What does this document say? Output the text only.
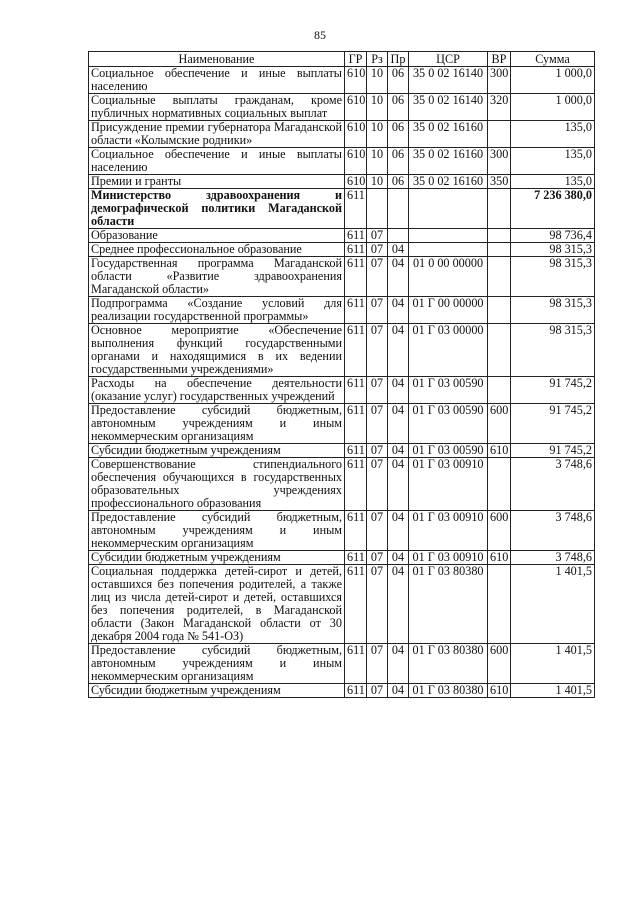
85
Наименование	ГР	Рз	Пр	ЦСР	ВР	Сумма
Социальное обеспечение и иные выплаты населению	610	10	06	35 0 02 16140	300	1 000,0
Социальные выплаты гражданам, кроме публичных нормативных социальных выплат	610	10	06	35 0 02 16140	320	1 000,0
Присуждение премии губернатора Магаданской области «Колымские родники»	610	10	06	35 0 02 16160		135,0
Социальное обеспечение и иные выплаты населению	610	10	06	35 0 02 16160	300	135,0
Премии и гранты	610	10	06	35 0 02 16160	350	135,0
Министерство здравоохранения и демографической политики Магаданской области	611					7 236 380,0
Образование	611	07				98 736,4
Среднее профессиональное образование	611	07	04			98 315,3
Государственная программа Магаданской области «Развитие здравоохранения Магаданской области»	611	07	04	01 0 00 00000		98 315,3
Подпрограмма «Создание условий для реализации государственной программы»	611	07	04	01 Г 00 00000		98 315,3
Основное мероприятие «Обеспечение выполнения функций государственными органами и находящимися в их ведении государственными учреждениями»	611	07	04	01 Г 03 00000		98 315,3
Расходы на обеспечение деятельности (оказание услуг) государственных учреждений	611	07	04	01 Г 03 00590		91 745,2
Предоставление субсидий бюджетным, автономным учреждениям и иным некоммерческим организациям	611	07	04	01 Г 03 00590	600	91 745,2
Субсидии бюджетным учреждениям	611	07	04	01 Г 03 00590	610	91 745,2
Совершенствование стипендиального обеспечения обучающихся в государственных образовательных учреждениях профессионального образования	611	07	04	01 Г 03 00910		3 748,6
Предоставление субсидий бюджетным, автономным учреждениям и иным некоммерческим организациям	611	07	04	01 Г 03 00910	600	3 748,6
Субсидии бюджетным учреждениям	611	07	04	01 Г 03 00910	610	3 748,6
Социальная поддержка детей-сирот и детей, оставшихся без попечения родителей, а также лиц из числа детей-сирот и детей, оставшихся без попечения родителей, в Магаданской области (Закон Магаданской области от 30 декабря 2004 года № 541-ОЗ)	611	07	04	01 Г 03 80380		1 401,5
Предоставление субсидий бюджетным, автономным учреждениям и иным некоммерческим организациям	611	07	04	01 Г 03 80380	600	1 401,5
Субсидии бюджетным учреждениям	611	07	04	01 Г 03 80380	610	1 401,5
